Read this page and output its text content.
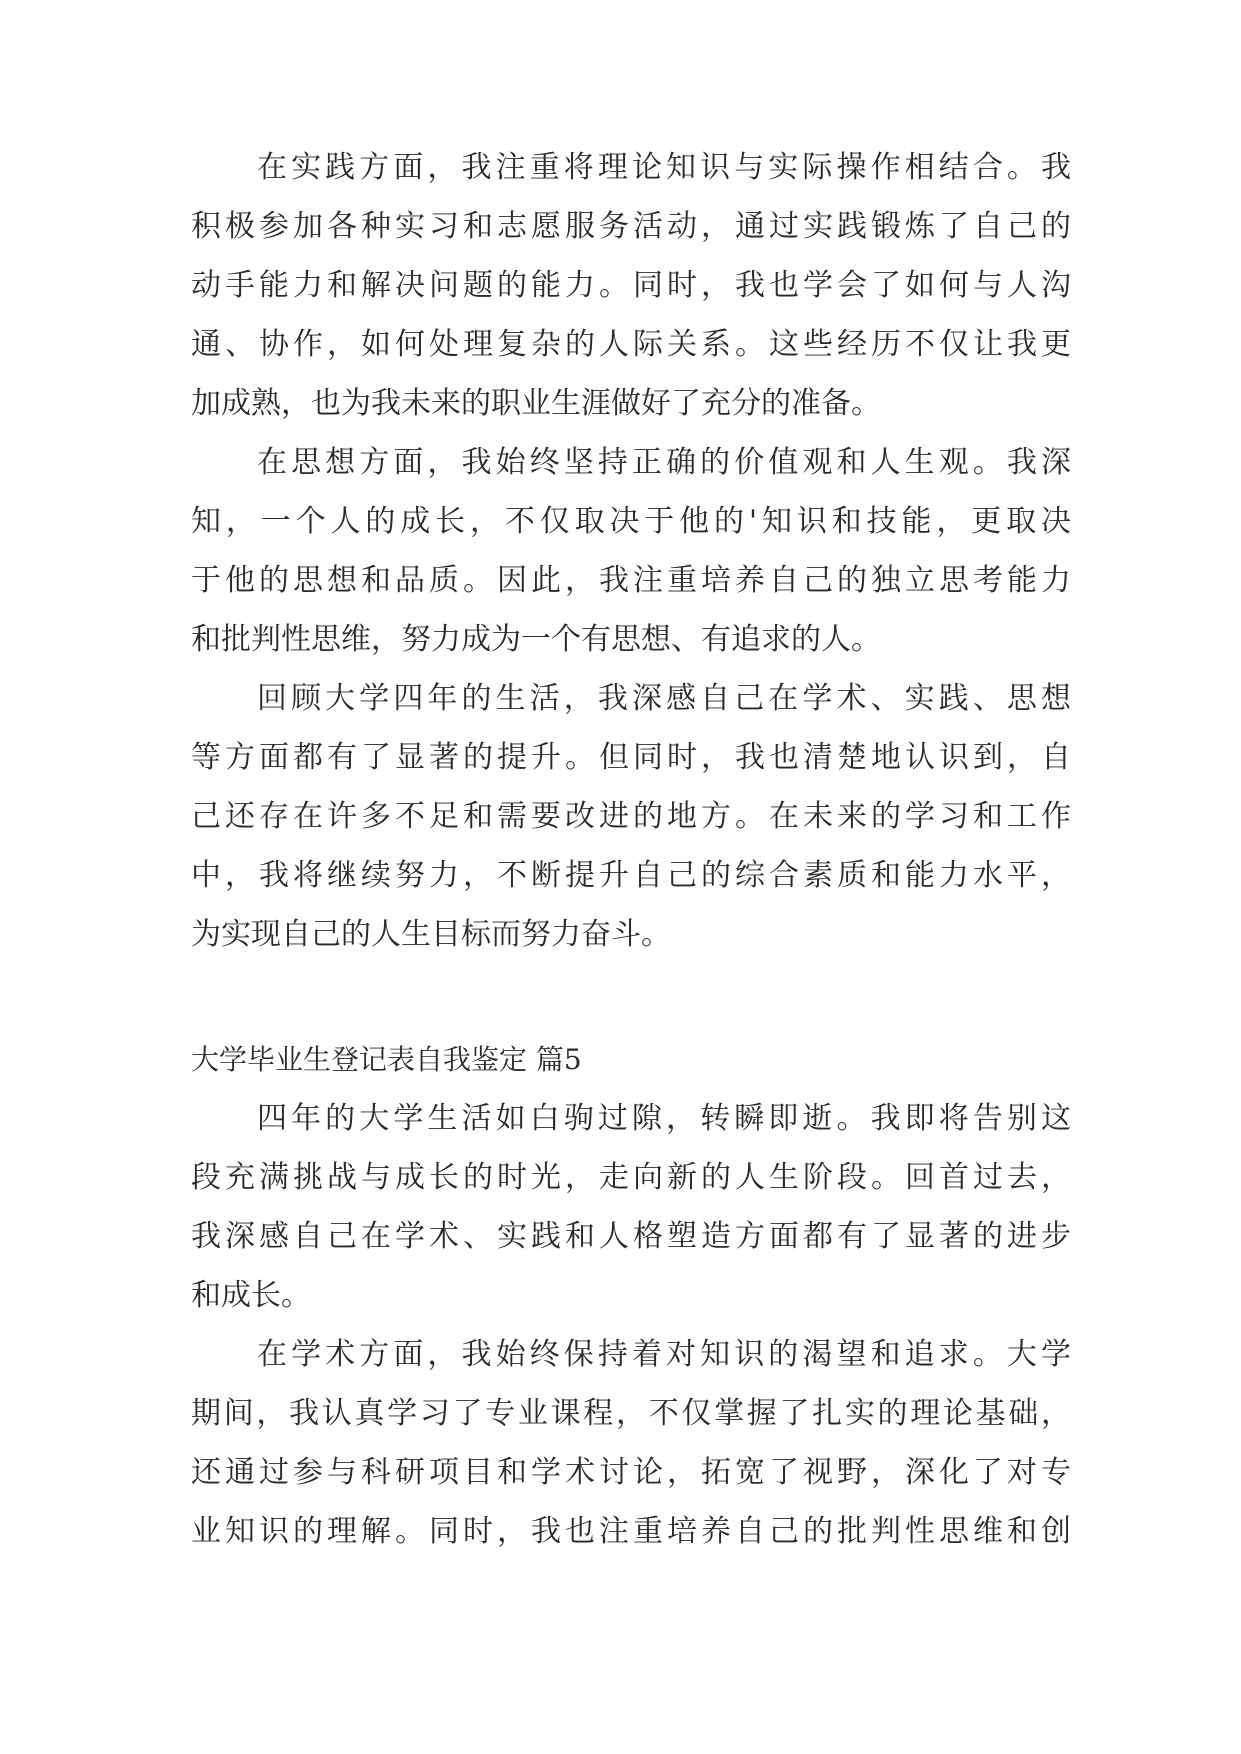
在实践方面，我注重将理论知识与实际操作相结合。我
积极参加各种实习和志愿服务活动，通过实践锻炼了自己的
动手能力和解决问题的能力。同时，我也学会了如何与人沟
通、协作，如何处理复杂的人际关系。这些经历不仅让我更
加成熟，也为我未来的职业生涯做好了充分的准备。
在思想方面，我始终坚持正确的价值观和人生观。我深
知，一个人的成长，不仅取决于他的'知识和技能，更取决
于他的思想和品质。因此，我注重培养自己的独立思考能力
和批判性思维，努力成为一个有思想、有追求的人。
回顾大学四年的生活，我深感自己在学术、实践、思想
等方面都有了显著的提升。但同时，我也清楚地认识到，自
己还存在许多不足和需要改进的地方。在未来的学习和工作
中，我将继续努力，不断提升自己的综合素质和能力水平，
为实现自己的人生目标而努力奋斗。
大学毕业生登记表自我鉴定 篇5
四年的大学生活如白驹过隙，转瞬即逝。我即将告别这
段充满挑战与成长的时光，走向新的人生阶段。回首过去，
我深感自己在学术、实践和人格塑造方面都有了显著的进步
和成长。
在学术方面，我始终保持着对知识的渴望和追求。大学
期间，我认真学习了专业课程，不仅掌握了扎实的理论基础，
还通过参与科研项目和学术讨论，拓宽了视野，深化了对专
业知识的理解。同时，我也注重培养自己的批判性思维和创
